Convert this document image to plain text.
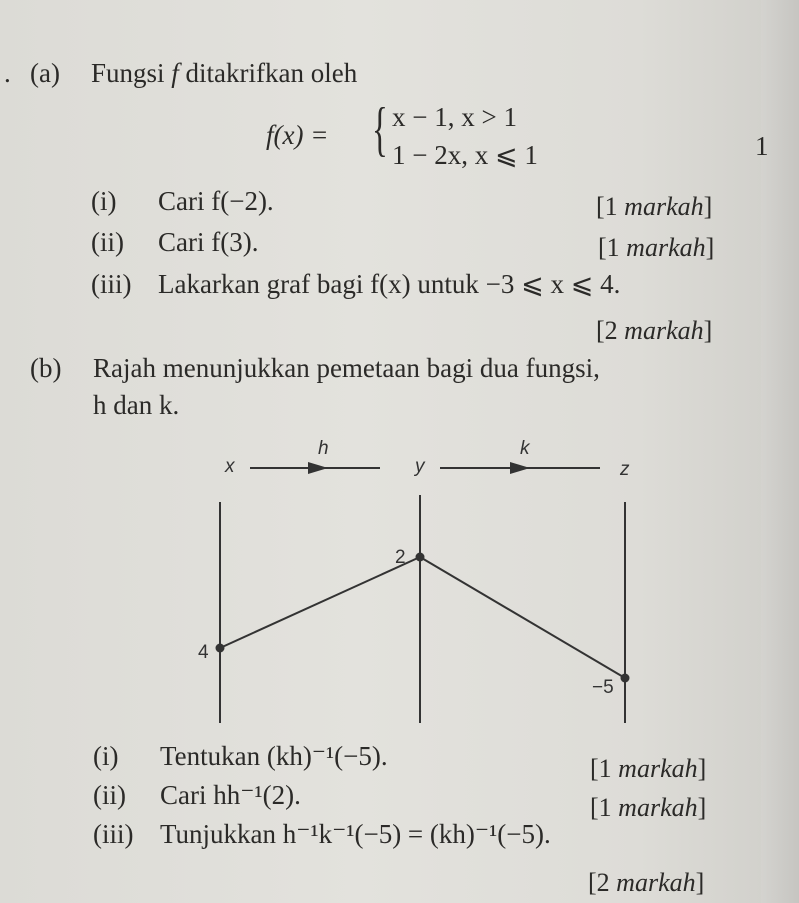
. (a) Fungsi f ditakrifkan oleh
f(x) = { x − 1, x > 1
1 − 2x, x ⩽ 1	1
(i) Cari f(−2).	[1 markah]
(ii) Cari f(3).	[1 markah]
(iii) Lakarkan graf bagi f(x) untuk −3 ⩽ x ⩽ 4.
[2 markah]
(b) Rajah menunjukkan pemetaan bagi dua fungsi,
h dan k.
x
h
y
k
z
4
2
−5
(i) Tentukan (kh)⁻¹(−5).	[1 markah]
(ii) Cari hh⁻¹(2).	[1 markah]
(iii) Tunjukkan h⁻¹k⁻¹(−5) = (kh)⁻¹(−5).
[2 markah]
